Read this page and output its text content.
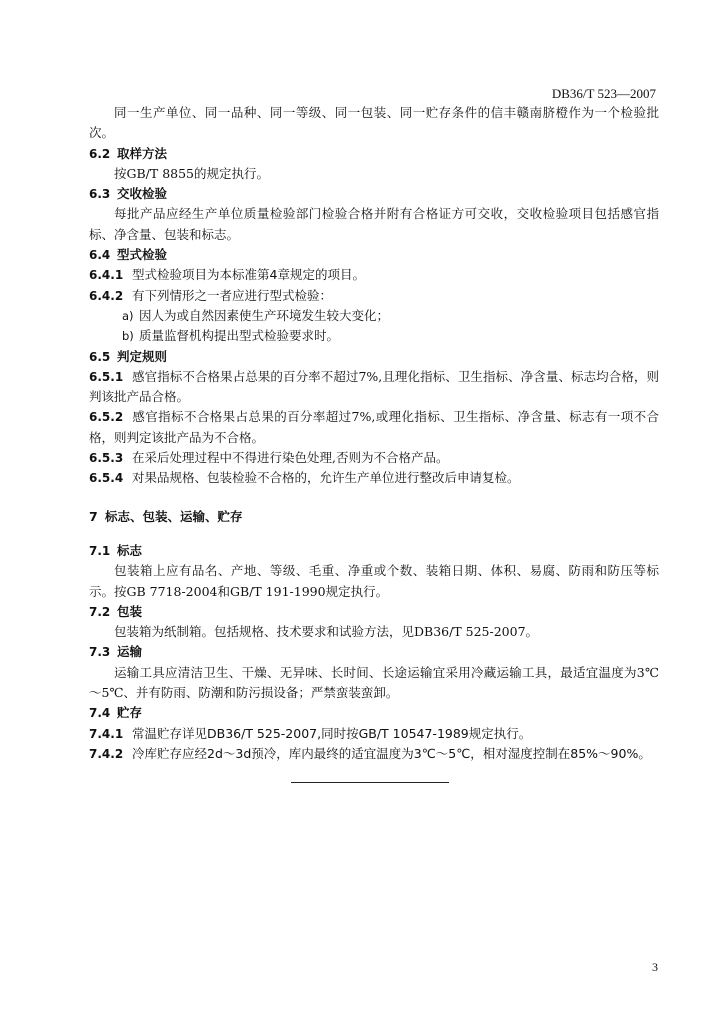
DB36/T 523—2007

同一生产单位、同一品种、同一等级、同一包装、同一贮存条件的信丰赣南脐橙作为一个检验批次。

6.2 取样方法

按GB/T 8855的规定执行。

6.3 交收检验

每批产品应经生产单位质量检验部门检验合格并附有合格证方可交收，交收检验项目包括感官指标、净含量、包装和标志。

6.4 型式检验
6.4.1 型式检验项目为本标准第4章规定的项目。
6.4.2 有下列情形之一者应进行型式检验：
a) 因人为或自然因素使生产环境发生较大变化；
b) 质量监督机构提出型式检验要求时。
6.5 判定规则

6.5.1 感官指标不合格果占总果的百分率不超过7%,且理化指标、卫生指标、净含量、标志均合格，则判该批产品合格。

6.5.2 感官指标不合格果占总果的百分率超过7%,或理化指标、卫生指标、净含量、标志有一项不合格，则判定该批产品为不合格。

6.5.3 在采后处理过程中不得进行染色处理,否则为不合格产品。

6.5.4 对果品规格、包装检验不合格的，允许生产单位进行整改后申请复检。

7 标志、包装、运输、贮存
7.1 标志

包装箱上应有品名、产地、等级、毛重、净重或个数、装箱日期、体积、易腐、防雨和防压等标示。按GB 7718-2004和GB/T 191-1990规定执行。

7.2 包装

包装箱为纸制箱。包括规格、技术要求和试验方法，见DB36/T 525-2007。

7.3 运输

运输工具应清洁卫生、干燥、无异味、长时间、长途运输宜采用冷藏运输工具，最适宜温度为3℃～5℃、并有防雨、防潮和防污损设备；严禁蛮装蛮卸。

7.4 贮存
7.4.1 常温贮存详见DB36/T 525-2007,同时按GB/T 10547-1989规定执行。
7.4.2 冷库贮存应经2d～3d预冷，库内最终的适宜温度为3℃～5℃，相对湿度控制在85%～90%。
3
